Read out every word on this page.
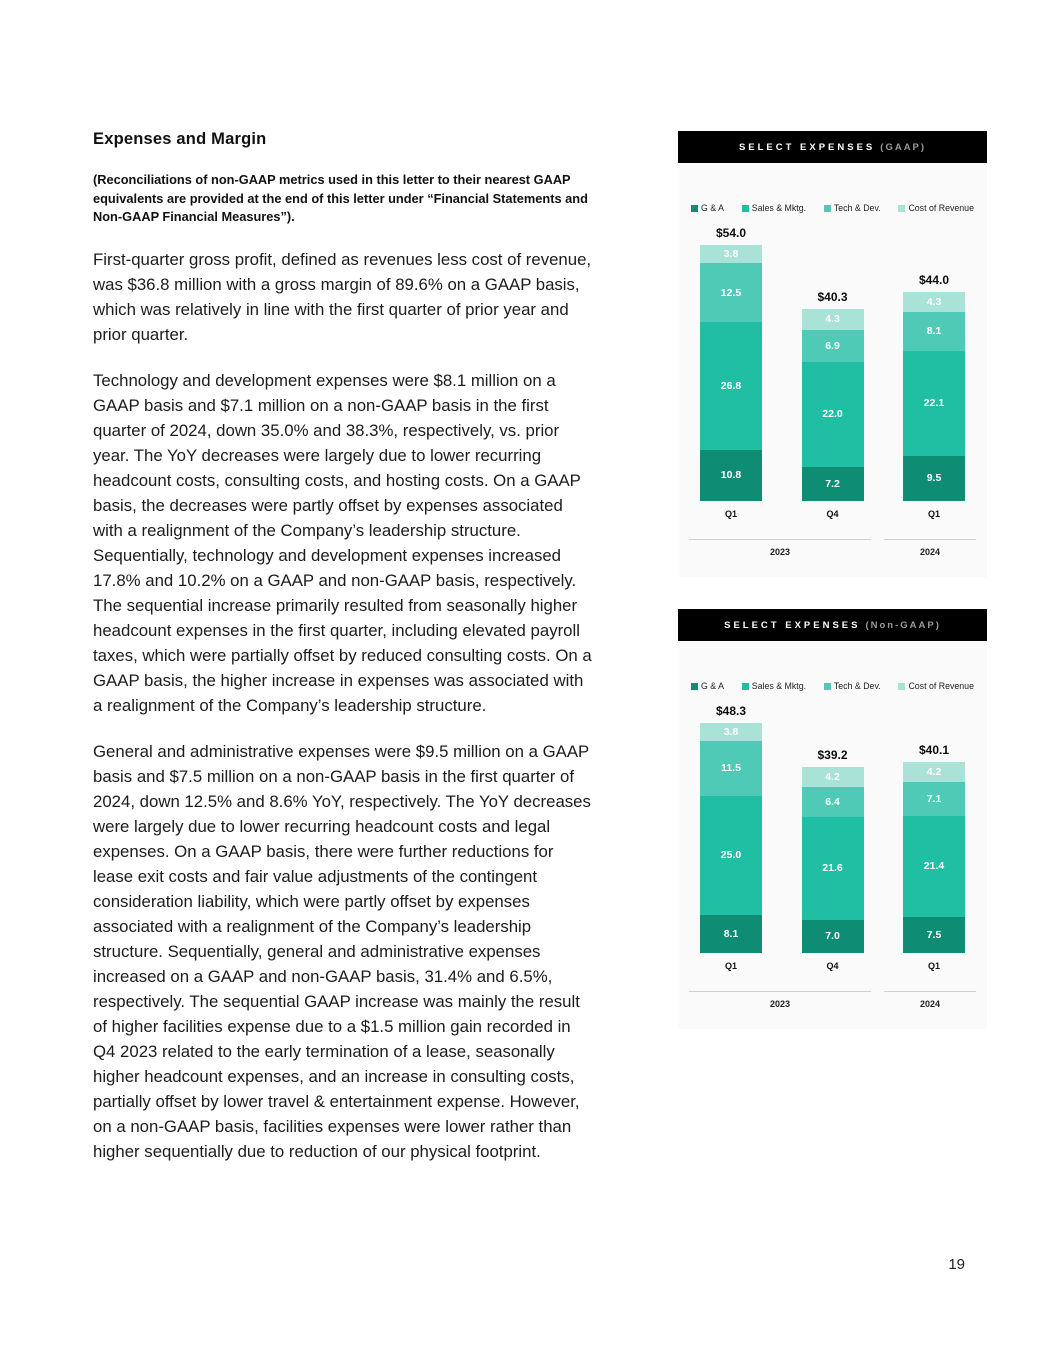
Expenses and Margin

(Reconciliations of non-GAAP metrics used in this letter to their nearest GAAP equivalents are provided at the end of this letter under “Financial Statements and Non-GAAP Financial Measures”).

First-quarter gross profit, defined as revenues less cost of revenue, was $36.8 million with a gross margin of 89.6% on a GAAP basis, which was relatively in line with the first quarter of prior year and prior quarter.

Technology and development expenses were $8.1 million on a GAAP basis and $7.1 million on a non-GAAP basis in the first quarter of 2024, down 35.0% and 38.3%, respectively, vs. prior year. The YoY decreases were largely due to lower recurring headcount costs, consulting costs, and hosting costs. On a GAAP basis, the decreases were partly offset by expenses associated with a realignment of the Company’s leadership structure. Sequentially, technology and development expenses increased 17.8% and 10.2% on a GAAP and non-GAAP basis, respectively. The sequential increase primarily resulted from seasonally higher headcount expenses in the first quarter, including elevated payroll taxes, which were partially offset by reduced consulting costs. On a GAAP basis, the higher increase in expenses was associated with a realignment of the Company’s leadership structure.

General and administrative expenses were $9.5 million on a GAAP basis and $7.5 million on a non-GAAP basis in the first quarter of 2024, down 12.5% and 8.6% YoY, respectively. The YoY decreases were largely due to lower recurring headcount costs and legal expenses. On a GAAP basis, there were further reductions for lease exit costs and fair value adjustments of the contingent consideration liability, which were partly offset by expenses associated with a realignment of the Company’s leadership structure. Sequentially, general and administrative expenses increased on a GAAP and non-GAAP basis, 31.4% and 6.5%, respectively. The sequential GAAP increase was mainly the result of higher facilities expense due to a $1.5 million gain recorded in Q4 2023 related to the early termination of a lease, seasonally higher headcount expenses, and an increase in consulting costs, partially offset by lower travel & entertainment expense. However, on a non-GAAP basis, facilities expenses were lower rather than higher sequentially due to reduction of our physical footprint.

SELECT EXPENSES (GAAP)
G & A	Sales & Mktg.	Tech & Dev.	Cost of Revenue
$54.0
3.8
12.5
26.8
10.8
$40.3
4.3
6.9
22.0
7.2
$44.0
4.3
8.1
22.1
9.5
Q1	Q4	Q1
2023	2024
SELECT EXPENSES (Non-GAAP)
G & A	Sales & Mktg.	Tech & Dev.	Cost of Revenue
$48.3
3.8
11.5
25.0
8.1
$39.2
4.2
6.4
21.6
7.0
$40.1
4.2
7.1
21.4
7.5
Q1	Q4	Q1
2023	2024
19
